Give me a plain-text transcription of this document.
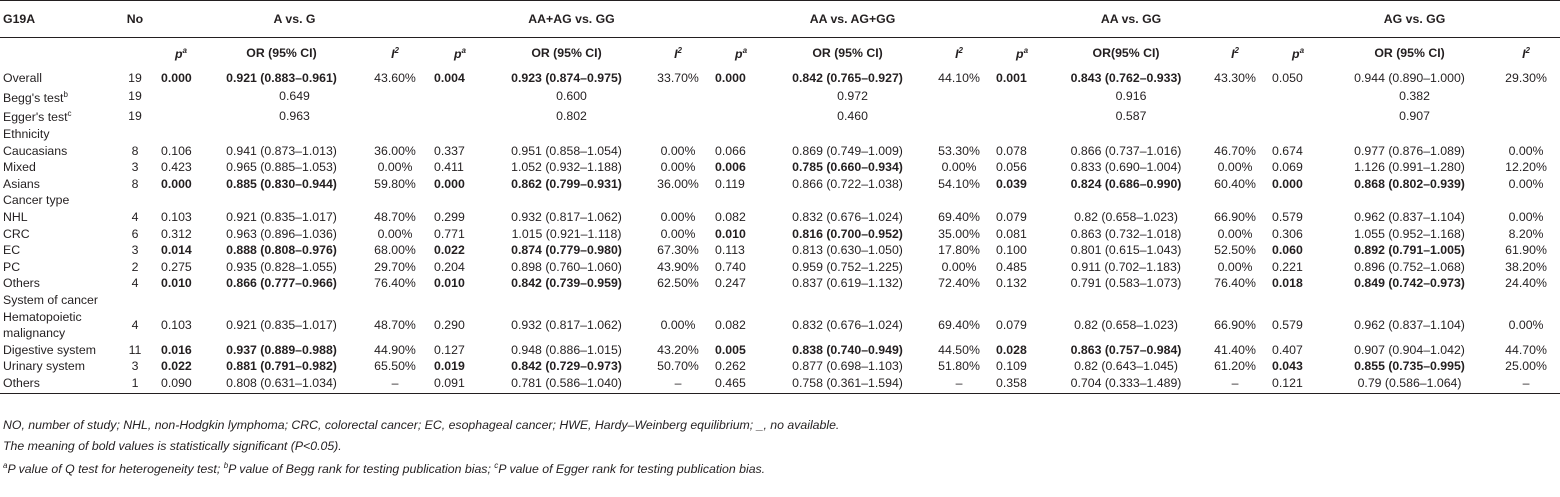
G19A	No	A vs. G			AA+AG vs. GG			AA vs. AG+GG			AA vs. GG			AG vs. GG		
		$p^a$	OR (95% CI)	$I^2$	$p^a$	OR (95% CI)	$I^2$	$p^a$	OR (95% CI)	$I^2$	$p^a$	OR(95% CI)	$I^2$	$p^a$	OR (95% CI)	$I^2$
Overall	19	0.000	0.921 (0.883–0.961)	43.60%	0.004	0.923 (0.874–0.975)	33.70%	0.000	0.842 (0.765–0.927)	44.10%	0.001	0.843 (0.762–0.933)	43.30%	0.050	0.944 (0.890–1.000)	29.30%
Begg's test$^b$	19	0.649			0.600			0.972			0.916			0.382		
Egger's test$^c$	19	0.963			0.802			0.460			0.587			0.907		
Ethnicity																
Caucasians	8	0.106	0.941 (0.873–1.013)	36.00%	0.337	0.951 (0.858–1.054)	0.00%	0.066	0.869 (0.749–1.009)	53.30%	0.078	0.866 (0.737–1.016)	46.70%	0.674	0.977 (0.876–1.089)	0.00%
Mixed	3	0.423	0.965 (0.885–1.053)	0.00%	0.411	1.052 (0.932–1.188)	0.00%	0.006	0.785 (0.660–0.934)	0.00%	0.056	0.833 (0.690–1.004)	0.00%	0.069	1.126 (0.991–1.280)	12.20%
Asians	8	0.000	0.885 (0.830–0.944)	59.80%	0.000	0.862 (0.799–0.931)	36.00%	0.119	0.866 (0.722–1.038)	54.10%	0.039	0.824 (0.686–0.990)	60.40%	0.000	0.868 (0.802–0.939)	0.00%
Cancer type																
NHL	4	0.103	0.921 (0.835–1.017)	48.70%	0.299	0.932 (0.817–1.062)	0.00%	0.082	0.832 (0.676–1.024)	69.40%	0.079	0.82 (0.658–1.023)	66.90%	0.579	0.962 (0.837–1.104)	0.00%
CRC	6	0.312	0.963 (0.896–1.036)	0.00%	0.771	1.015 (0.921–1.118)	0.00%	0.010	0.816 (0.700–0.952)	35.00%	0.081	0.863 (0.732–1.018)	0.00%	0.306	1.055 (0.952–1.168)	8.20%
EC	3	0.014	0.888 (0.808–0.976)	68.00%	0.022	0.874 (0.779–0.980)	67.30%	0.113	0.813 (0.630–1.050)	17.80%	0.100	0.801 (0.615–1.043)	52.50%	0.060	0.892 (0.791–1.005)	61.90%
PC	2	0.275	0.935 (0.828–1.055)	29.70%	0.204	0.898 (0.760–1.060)	43.90%	0.740	0.959 (0.752–1.225)	0.00%	0.485	0.911 (0.702–1.183)	0.00%	0.221	0.896 (0.752–1.068)	38.20%
Others	4	0.010	0.866 (0.777–0.966)	76.40%	0.010	0.842 (0.739–0.959)	62.50%	0.247	0.837 (0.619–1.132)	72.40%	0.132	0.791 (0.583–1.073)	76.40%	0.018	0.849 (0.742–0.973)	24.40%
System of cancer																
Hematopoietic malignancy	4	0.103	0.921 (0.835–1.017)	48.70%	0.290	0.932 (0.817–1.062)	0.00%	0.082	0.832 (0.676–1.024)	69.40%	0.079	0.82 (0.658–1.023)	66.90%	0.579	0.962 (0.837–1.104)	0.00%
Digestive system	11	0.016	0.937 (0.889–0.988)	44.90%	0.127	0.948 (0.886–1.015)	43.20%	0.005	0.838 (0.740–0.949)	44.50%	0.028	0.863 (0.757–0.984)	41.40%	0.407	0.907 (0.904–1.042)	44.70%
Urinary system	3	0.022	0.881 (0.791–0.982)	65.50%	0.019	0.842 (0.729–0.973)	50.70%	0.262	0.877 (0.698–1.103)	51.80%	0.109	0.82 (0.643–1.045)	61.20%	0.043	0.855 (0.735–0.995)	25.00%
Others	1	0.090	0.808 (0.631–1.034)	–	0.091	0.781 (0.586–1.040)	–	0.465	0.758 (0.361–1.594)	–	0.358	0.704 (0.333–1.489)	–	0.121	0.79 (0.586–1.064)	–

NO, number of study; NHL, non-Hodgkin lymphoma; CRC, colorectal cancer; EC, esophageal cancer; HWE, Hardy–Weinberg equilibrium; _, no available.

The meaning of bold values is statistically significant (P<0.05).

$^a$P value of Q test for heterogeneity test; $^b$P value of Begg rank for testing publication bias; $^c$P value of Egger rank for testing publication bias.
